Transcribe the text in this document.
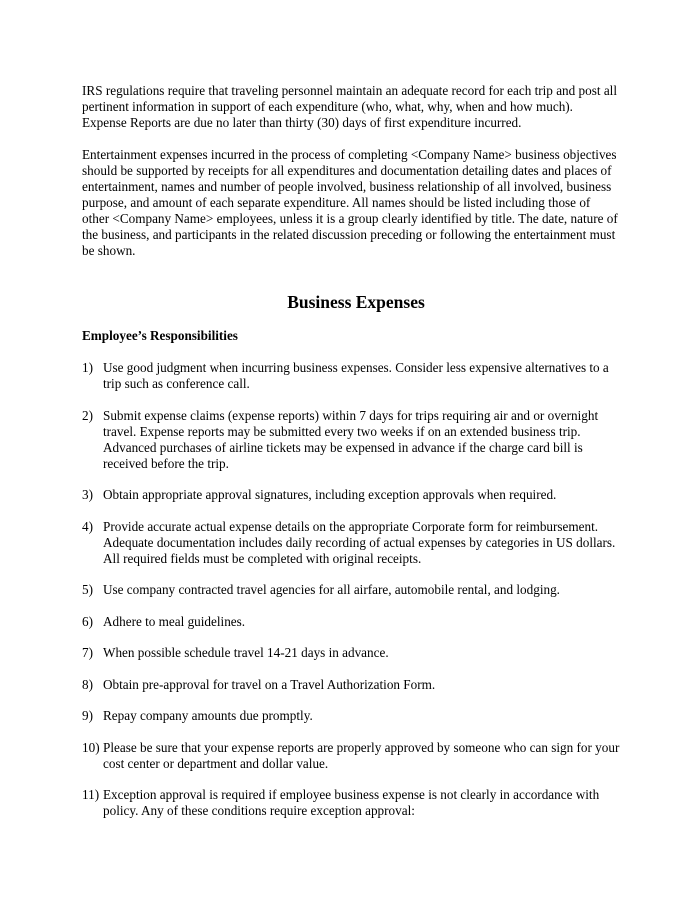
IRS regulations require that traveling personnel maintain an adequate record for each trip and post all pertinent information in support of each expenditure (who, what, why, when and how much). Expense Reports are due no later than thirty (30) days of first expenditure incurred.

Entertainment expenses incurred in the process of completing <Company Name> business objectives should be supported by receipts for all expenditures and documentation detailing dates and places of entertainment, names and number of people involved, business relationship of all involved, business purpose, and amount of each separate expenditure. All names should be listed including those of other <Company Name> employees, unless it is a group clearly identified by title. The date, nature of the business, and participants in the related discussion preceding or following the entertainment must be shown.

Business Expenses
Employee’s Responsibilities
1) Use good judgment when incurring business expenses. Consider less expensive alternatives to a trip such as conference call.
2) Submit expense claims (expense reports) within 7 days for trips requiring air and or overnight travel. Expense reports may be submitted every two weeks if on an extended business trip. Advanced purchases of airline tickets may be expensed in advance if the charge card bill is received before the trip.
3) Obtain appropriate approval signatures, including exception approvals when required.
4) Provide accurate actual expense details on the appropriate Corporate form for reimbursement. Adequate documentation includes daily recording of actual expenses by categories in US dollars. All required fields must be completed with original receipts.
5) Use company contracted travel agencies for all airfare, automobile rental, and lodging.
6) Adhere to meal guidelines.
7) When possible schedule travel 14-21 days in advance.
8) Obtain pre-approval for travel on a Travel Authorization Form.
9) Repay company amounts due promptly.
10) Please be sure that your expense reports are properly approved by someone who can sign for your cost center or department and dollar value.
11) Exception approval is required if employee business expense is not clearly in accordance with policy. Any of these conditions require exception approval:
